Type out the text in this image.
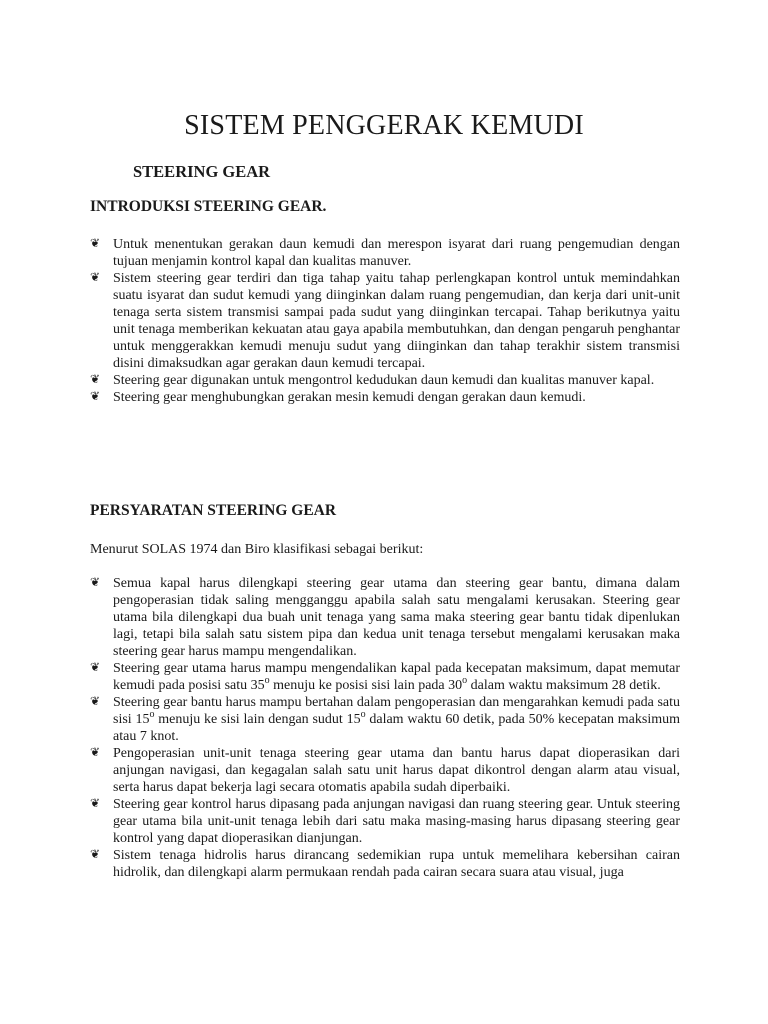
SISTEM PENGGERAK KEMUDI
STEERING GEAR
INTRODUKSI STEERING GEAR.
❦ Untuk menentukan gerakan daun kemudi dan merespon isyarat dari ruang pengemudian dengan tujuan menjamin kontrol kapal dan kualitas manuver.
❦ Sistem steering gear terdiri dan tiga tahap yaitu tahap perlengkapan kontrol untuk memindahkan suatu isyarat dan sudut kemudi yang diinginkan dalam ruang pengemudian, dan kerja dari unit-unit tenaga serta sistem transmisi sampai pada sudut yang diinginkan tercapai. Tahap berikutnya yaitu unit tenaga memberikan kekuatan atau gaya apabila membutuhkan, dan dengan pengaruh penghantar untuk menggerakkan kemudi menuju sudut yang diinginkan dan tahap terakhir sistem transmisi disini dimaksudkan agar gerakan daun kemudi tercapai.
❦ Steering gear digunakan untuk mengontrol kedudukan daun kemudi dan kualitas manuver kapal.
❦ Steering gear menghubungkan gerakan mesin kemudi dengan gerakan daun kemudi.
PERSYARATAN STEERING GEAR
Menurut SOLAS 1974 dan Biro klasifikasi sebagai berikut:
❦ Semua kapal harus dilengkapi steering gear utama dan steering gear bantu, dimana dalam pengoperasian tidak saling mengganggu apabila salah satu mengalami kerusakan. Steering gear utama bila dilengkapi dua buah unit tenaga yang sama maka steering gear bantu tidak dipenlukan lagi, tetapi bila salah satu sistem pipa dan kedua unit tenaga tersebut mengalami kerusakan maka steering gear harus mampu mengendalikan.
❦ Steering gear utama harus mampu mengendalikan kapal pada kecepatan maksimum, dapat memutar kemudi pada posisi satu 35$^o$ menuju ke posisi sisi lain pada 30$^o$ dalam waktu maksimum 28 detik.
❦ Steering gear bantu harus mampu bertahan dalam pengoperasian dan mengarahkan kemudi pada satu sisi 15$^o$ menuju ke sisi lain dengan sudut 15$^o$ dalam waktu 60 detik, pada 50% kecepatan maksimum atau 7 knot.
❦ Pengoperasian unit-unit tenaga steering gear utama dan bantu harus dapat dioperasikan dari anjungan navigasi, dan kegagalan salah satu unit harus dapat dikontrol dengan alarm atau visual, serta harus dapat bekerja lagi secara otomatis apabila sudah diperbaiki.
❦ Steering gear kontrol harus dipasang pada anjungan navigasi dan ruang steering gear. Untuk steering gear utama bila unit-unit tenaga lebih dari satu maka masing-masing harus dipasang steering gear kontrol yang dapat dioperasikan dianjungan.
❦ Sistem tenaga hidrolis harus dirancang sedemikian rupa untuk memelihara kebersihan cairan hidrolik, dan dilengkapi alarm permukaan rendah pada cairan secara suara atau visual, juga
